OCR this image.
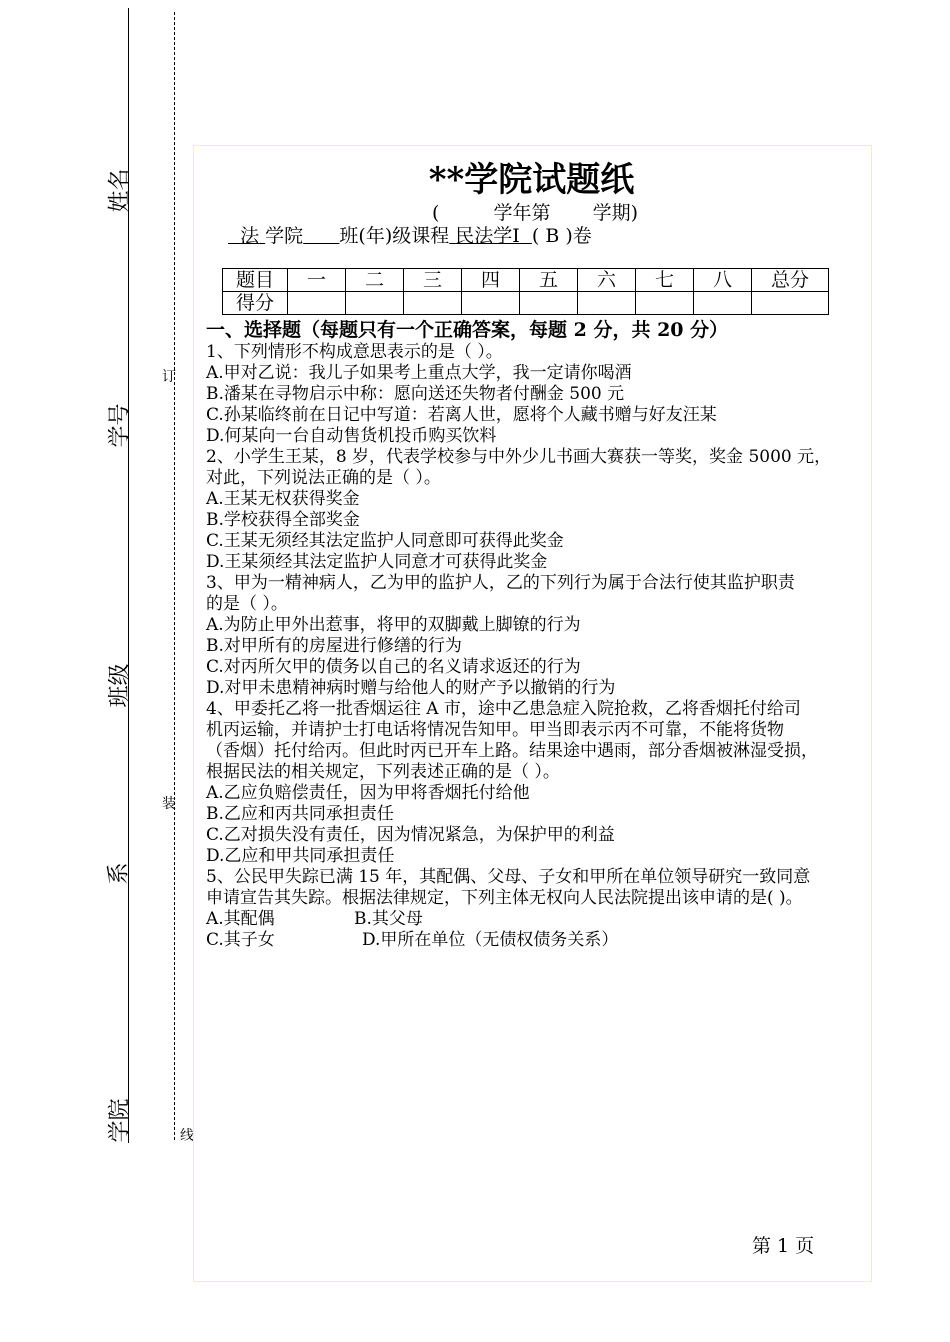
姓名
学号
班级
系
学院
订
装
线
**学院试题纸
(	学年第 学期)
法 学院 班(年)级课程 民法学Ⅰ ( B )卷
题目	一	二	三	四	五	六	七	八	总分
得分									

一、选择题（每题只有一个正确答案，每题 2 分，共 20 分）

1、下列情形不构成意思表示的是（ ）。

A.甲对乙说：我儿子如果考上重点大学，我一定请你喝酒

B.潘某在寻物启示中称：愿向送还失物者付酬金 500 元

C.孙某临终前在日记中写道：若离人世，愿将个人藏书赠与好友汪某

D.何某向一台自动售货机投币购买饮料

2、小学生王某，8 岁，代表学校参与中外少儿书画大赛获一等奖，奖金 5000 元，

对此，下列说法正确的是（ ）。

A.王某无权获得奖金

B.学校获得全部奖金

C.王某无须经其法定监护人同意即可获得此奖金

D.王某须经其法定监护人同意才可获得此奖金

3、甲为一精神病人，乙为甲的监护人，乙的下列行为属于合法行使其监护职责

的是（ ）。

A.为防止甲外出惹事，将甲的双脚戴上脚镣的行为

B.对甲所有的房屋进行修缮的行为

C.对丙所欠甲的债务以自己的名义请求返还的行为

D.对甲未患精神病时赠与给他人的财产予以撤销的行为

4、甲委托乙将一批香烟运往 A 市，途中乙患急症入院抢救，乙将香烟托付给司

机丙运输，并请护士打电话将情况告知甲。甲当即表示丙不可靠，不能将货物

（香烟）托付给丙。但此时丙已开车上路。结果途中遇雨，部分香烟被淋湿受损，

根据民法的相关规定，下列表述正确的是（ ）。

A.乙应负赔偿责任，因为甲将香烟托付给他

B.乙应和丙共同承担责任

C.乙对损失没有责任，因为情况紧急，为保护甲的利益

D.乙应和甲共同承担责任

5、公民甲失踪已满 15 年，其配偶、父母、子女和甲所在单位领导研究一致同意

申请宣告其失踪。根据法律规定，下列主体无权向人民法院提出该申请的是( )。

A.其配偶	B.其父母

C.其子女	D.甲所在单位（无债权债务关系）

第 1 页
